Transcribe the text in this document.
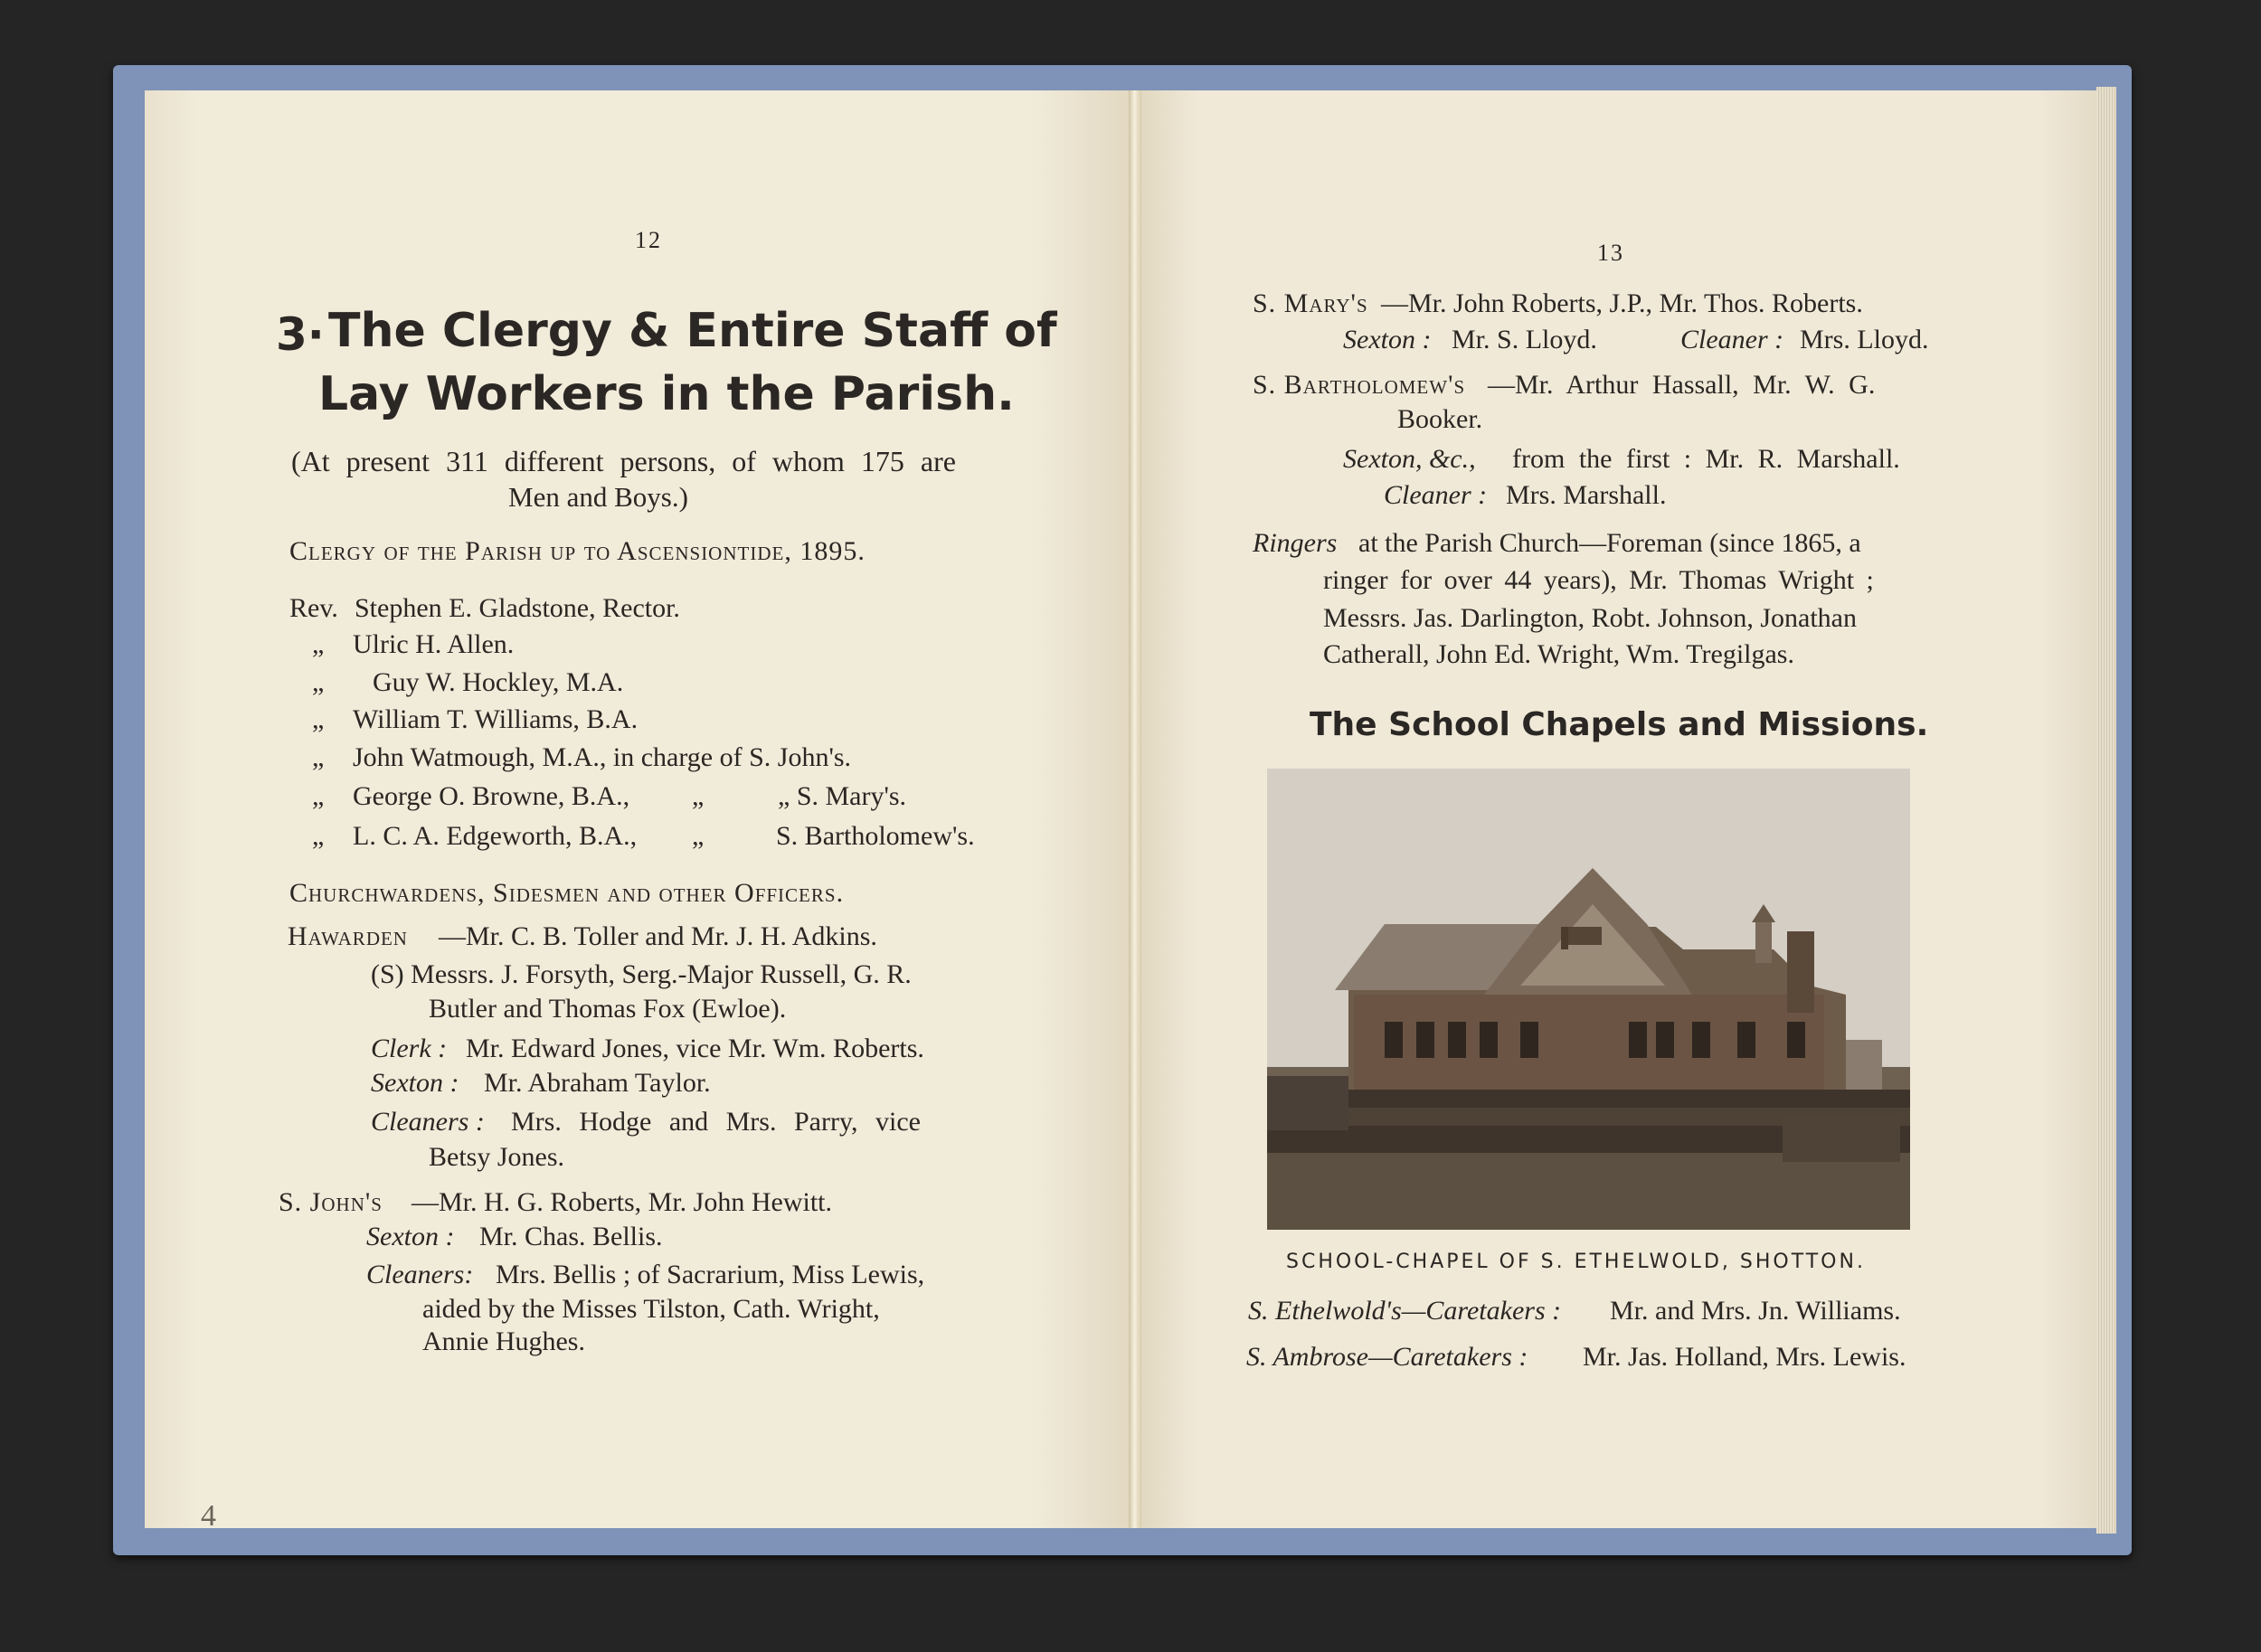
12
3· The Clergy & Entire Staff of
Lay Workers in the Parish.
(At present 311 different persons, of whom 175 are
Men and Boys.)
Clergy of the Parish up to Ascensiontide, 1895.
Rev. Stephen E. Gladstone, Rector.
„ Ulric H. Allen.
„ Guy W. Hockley, M.A.
„ William T. Williams, B.A.
„ John Watmough, M.A., in charge of S. John's.
„ George O. Browne, B.A., „	„ S. Mary's.
„ L. C. A. Edgeworth, B.A., „	S. Bartholomew's.
Churchwardens, Sidesmen and other Officers.
Hawarden —Mr. C. B. Toller and Mr. J. H. Adkins.
(S) Messrs. J. Forsyth, Serg.-Major Russell, G. R.
Butler and Thomas Fox (Ewloe).
Clerk : Mr. Edward Jones, vice Mr. Wm. Roberts.
Sexton : Mr. Abraham Taylor.
Cleaners : Mrs. Hodge and Mrs. Parry, vice
Betsy Jones.
S. John's —Mr. H. G. Roberts, Mr. John Hewitt.
Sexton : Mr. Chas. Bellis.
Cleaners: Mrs. Bellis ; of Sacrarium, Miss Lewis,
aided by the Misses Tilston, Cath. Wright,
Annie Hughes.
4
13
S. Mary's —Mr. John Roberts, J.P., Mr. Thos. Roberts.
Sexton : Mr. S. Lloyd.	Cleaner : Mrs. Lloyd.
S. Bartholomew's —Mr. Arthur Hassall, Mr. W. G.
Booker.
Sexton, &c., from the first : Mr. R. Marshall.
Cleaner : Mrs. Marshall.
Ringers at the Parish Church—Foreman (since 1865, a
ringer for over 44 years), Mr. Thomas Wright ;
Messrs. Jas. Darlington, Robt. Johnson, Jonathan
Catherall, John Ed. Wright, Wm. Tregilgas.
The School Chapels and Missions.
SCHOOL-CHAPEL OF S. ETHELWOLD, SHOTTON.
S. Ethelwold's—Caretakers : Mr. and Mrs. Jn. Williams.
S. Ambrose—Caretakers : Mr. Jas. Holland, Mrs. Lewis.
